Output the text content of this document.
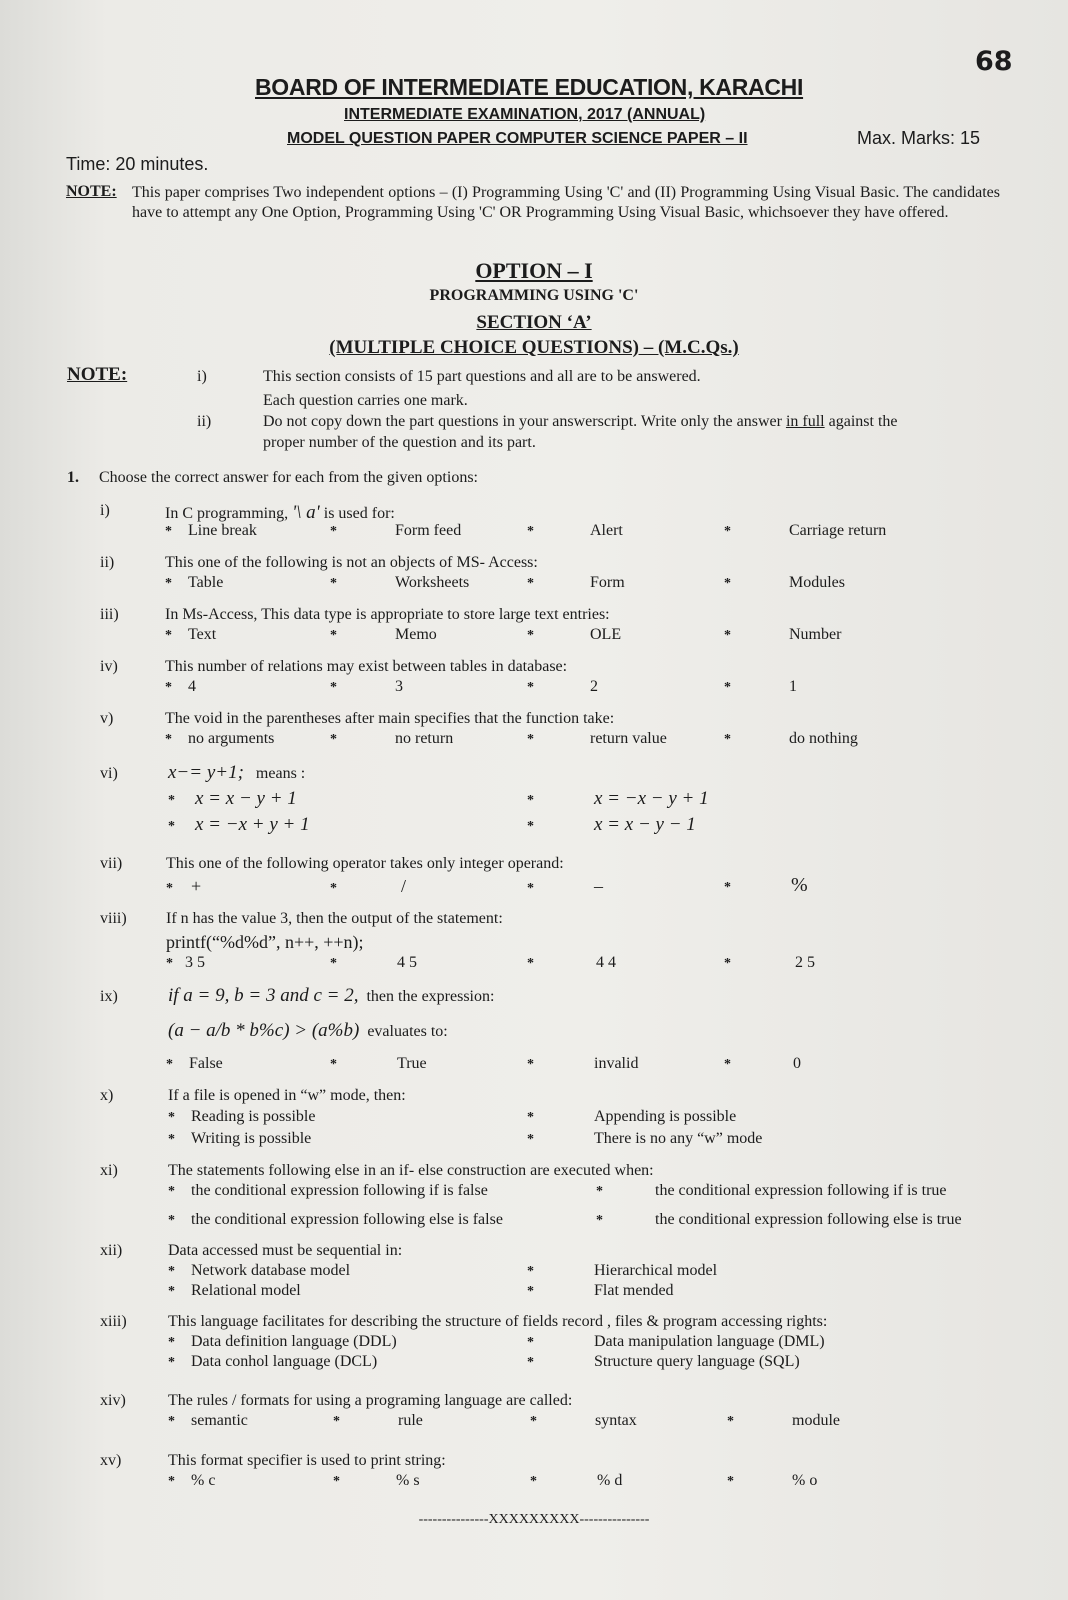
68
BOARD OF INTERMEDIATE EDUCATION, KARACHI
INTERMEDIATE EXAMINATION, 2017 (ANNUAL)
MODEL QUESTION PAPER COMPUTER SCIENCE PAPER – II	Max. Marks: 15
Time: 20 minutes.
NOTE: This paper comprises Two independent options – (I) Programming Using 'C' and (II) Programming Using Visual Basic. The candidates have to attempt any One Option, Programming Using 'C' OR Programming Using Visual Basic, whichsoever they have offered.
OPTION – I
PROGRAMMING USING 'C'
SECTION ‘A’
(MULTIPLE CHOICE QUESTIONS) – (M.C.Qs.)
NOTE:	i)	This section consists of 15 part questions and all are to be answered.
Each question carries one mark.
ii)	Do not copy down the part questions in your answerscript. Write only the answer in full against the
proper number of the question and its part.
1. Choose the correct answer for each from the given options:
i)	In C programming, '\ a' is used for:
* Line break	*	Form feed	*	Alert	*	Carriage return
ii)	This one of the following is not an objects of MS- Access:
* Table	*	Worksheets	*	Form	*	Modules
iii)	In Ms-Access, This data type is appropriate to store large text entries:
* Text	*	Memo	*	OLE	*	Number
iv)	This number of relations may exist between tables in database:
* 4	*	3	*	2	*	1
v)	The void in the parentheses after main specifies that the function take:
* no arguments	*	no return	*	return value	*	do nothing
vi)	x−= y+1; means :
* x = x − y + 1	*	x = −x − y + 1
* x = −x + y + 1	*	x = x − y − 1
vii)	This one of the following operator takes only integer operand:
* +	*	/	*	–	*	%
viii) If n has the value 3, then the output of the statement:
printf(“%d%d”, n++, ++n);
* 3 5	*	4 5	*	4 4	*	2 5
ix)	if a = 9, b = 3 and c = 2, then the expression:
(a − a/b * b%c) > (a%b) evaluates to:
* False	*	True	*	invalid	*	0
x)	If a file is opened in “w” mode, then:
* Reading is possible	*	Appending is possible
* Writing is possible	*	There is no any “w” mode
xi)	The statements following else in an if- else construction are executed when:
* the conditional expression following if is false	*	the conditional expression following if is true
* the conditional expression following else is false	*	the conditional expression following else is true
xii)	Data accessed must be sequential in:
* Network database model	*	Hierarchical model
* Relational model	*	Flat mended
xiii)	This language facilitates for describing the structure of fields record , files & program accessing rights:
* Data definition language (DDL)	*	Data manipulation language (DML)
* Data conhol language (DCL)	*	Structure query language (SQL)
xiv)	The rules / formats for using a programing language are called:
* semantic	*	rule	*	syntax	*	module
xv)	This format specifier is used to print string:
* % c	*	% s	*	% d	*	% o
---------------XXXXXXXXX---------------
